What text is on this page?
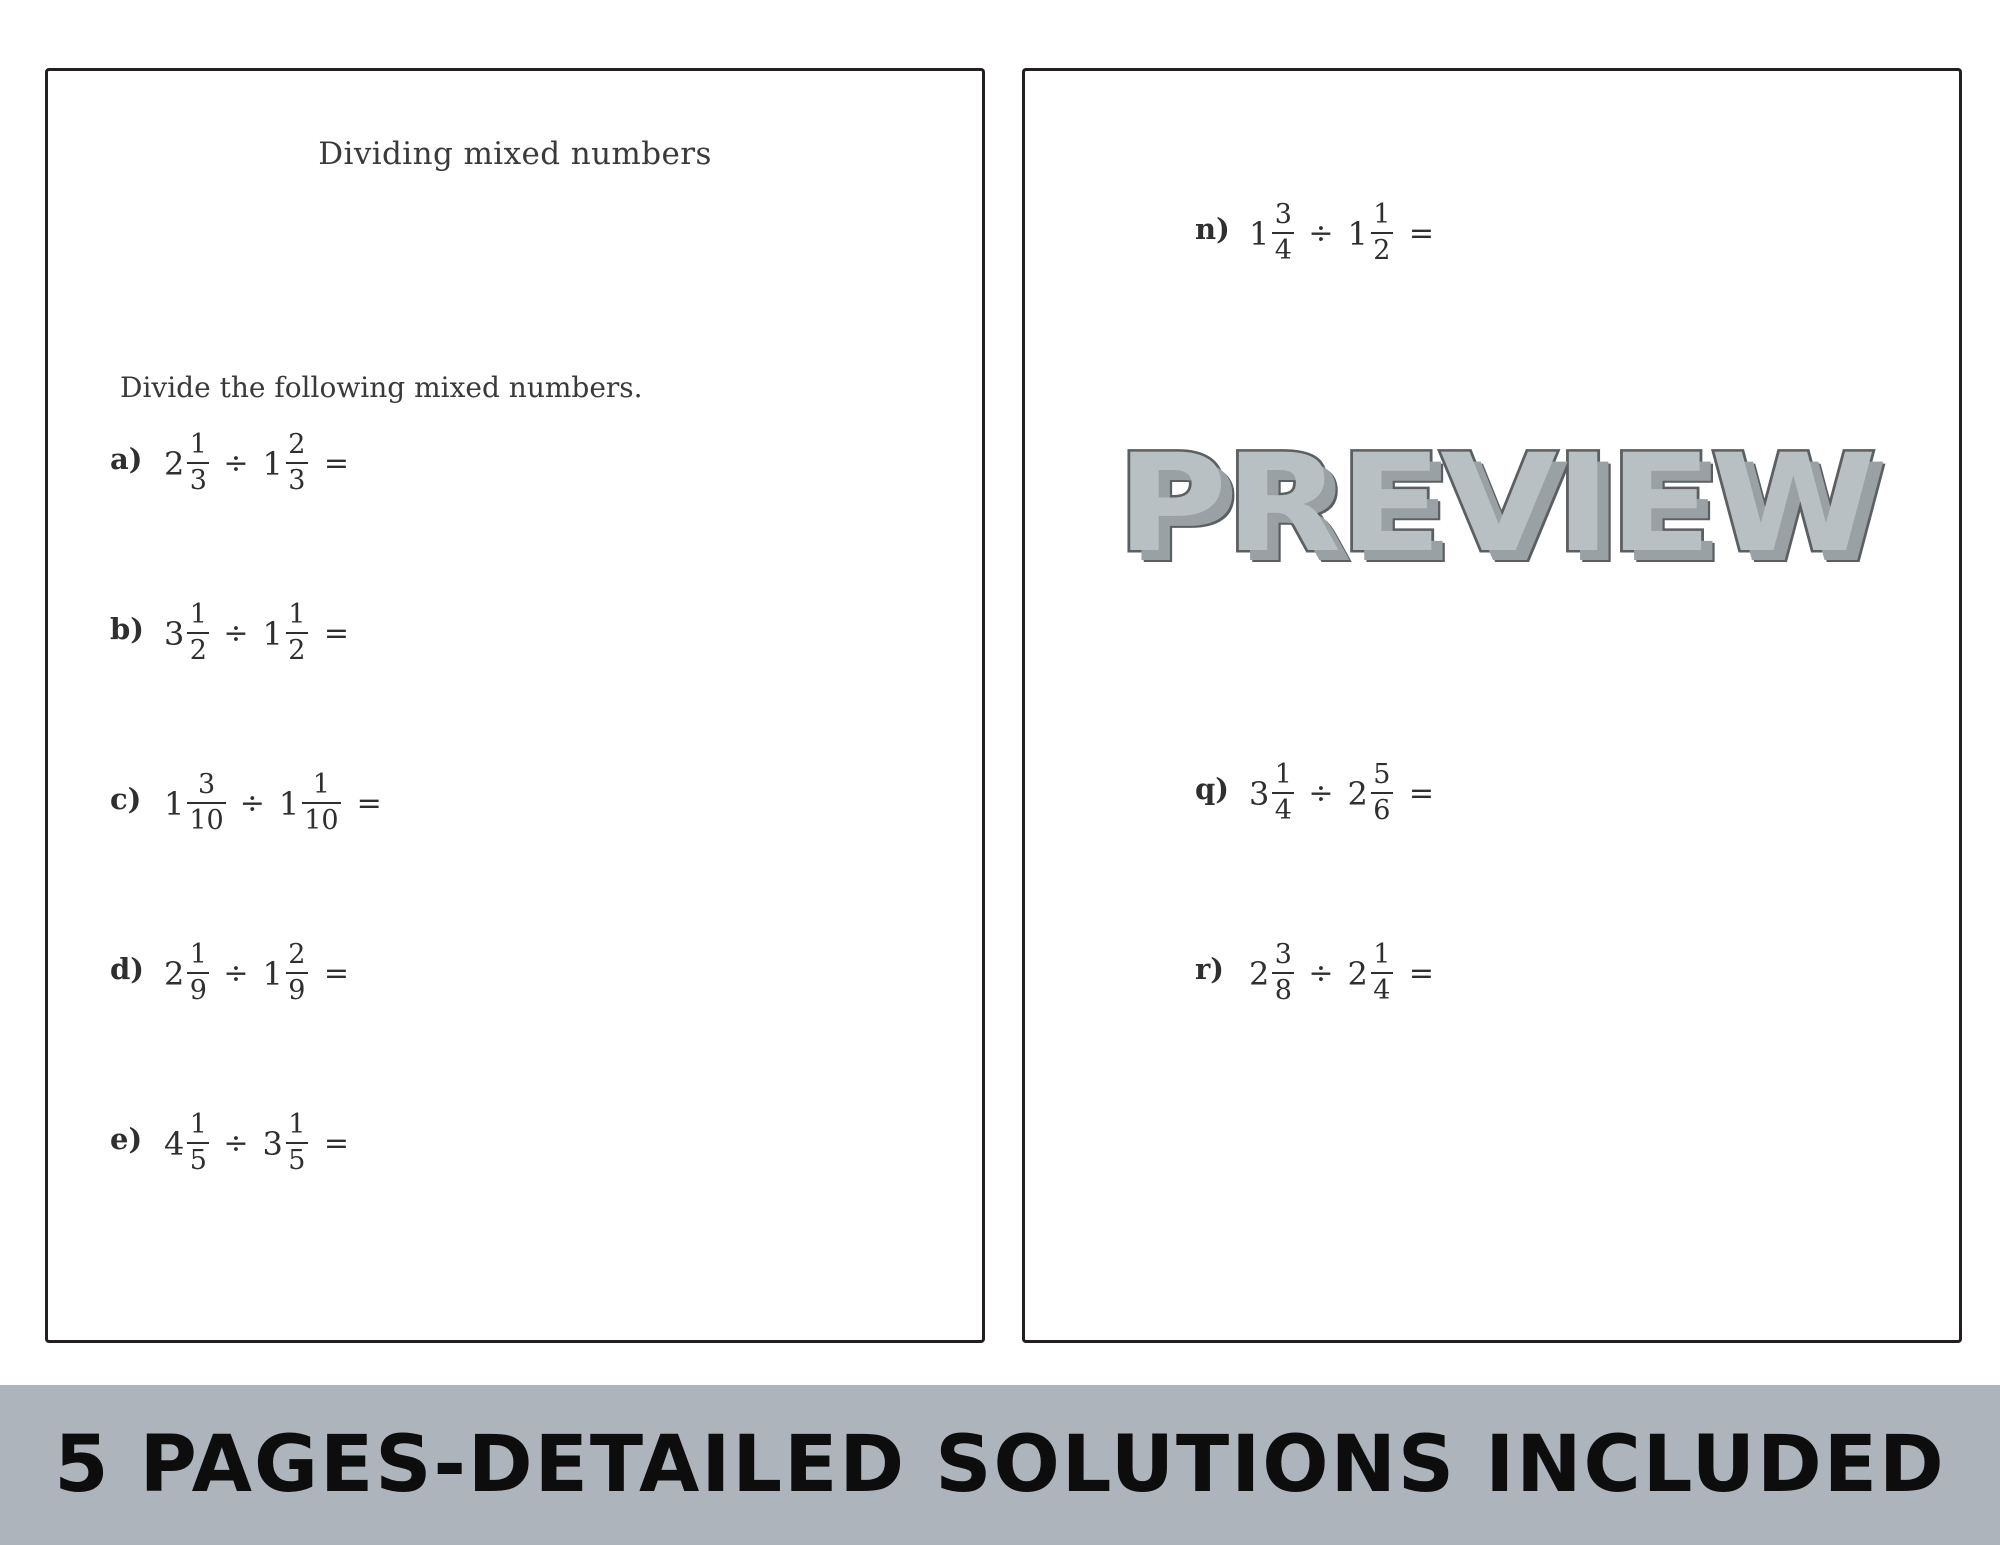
Dividing mixed numbers
Divide the following mixed numbers.
a) $2 \frac{1}{3} \div 1 \frac{2}{3}$ =
b) $3 \frac{1}{2} \div 1 \frac{1}{2}$ =
c) $1 \frac{3}{10} \div 1 \frac{1}{10}$ =
d) $2 \frac{1}{9} \div 1 \frac{2}{9}$ =
e) $4 \frac{1}{5} \div 3 \frac{1}{5}$ =
n) $1 \frac{3}{4} \div 1 \frac{1}{2}$ =
PREVIEW
q) $3 \frac{1}{4} \div 2 \frac{5}{6}$ =
r) $2 \frac{3}{8} \div 2 \frac{1}{4}$ =
5 PAGES-DETAILED SOLUTIONS INCLUDED
